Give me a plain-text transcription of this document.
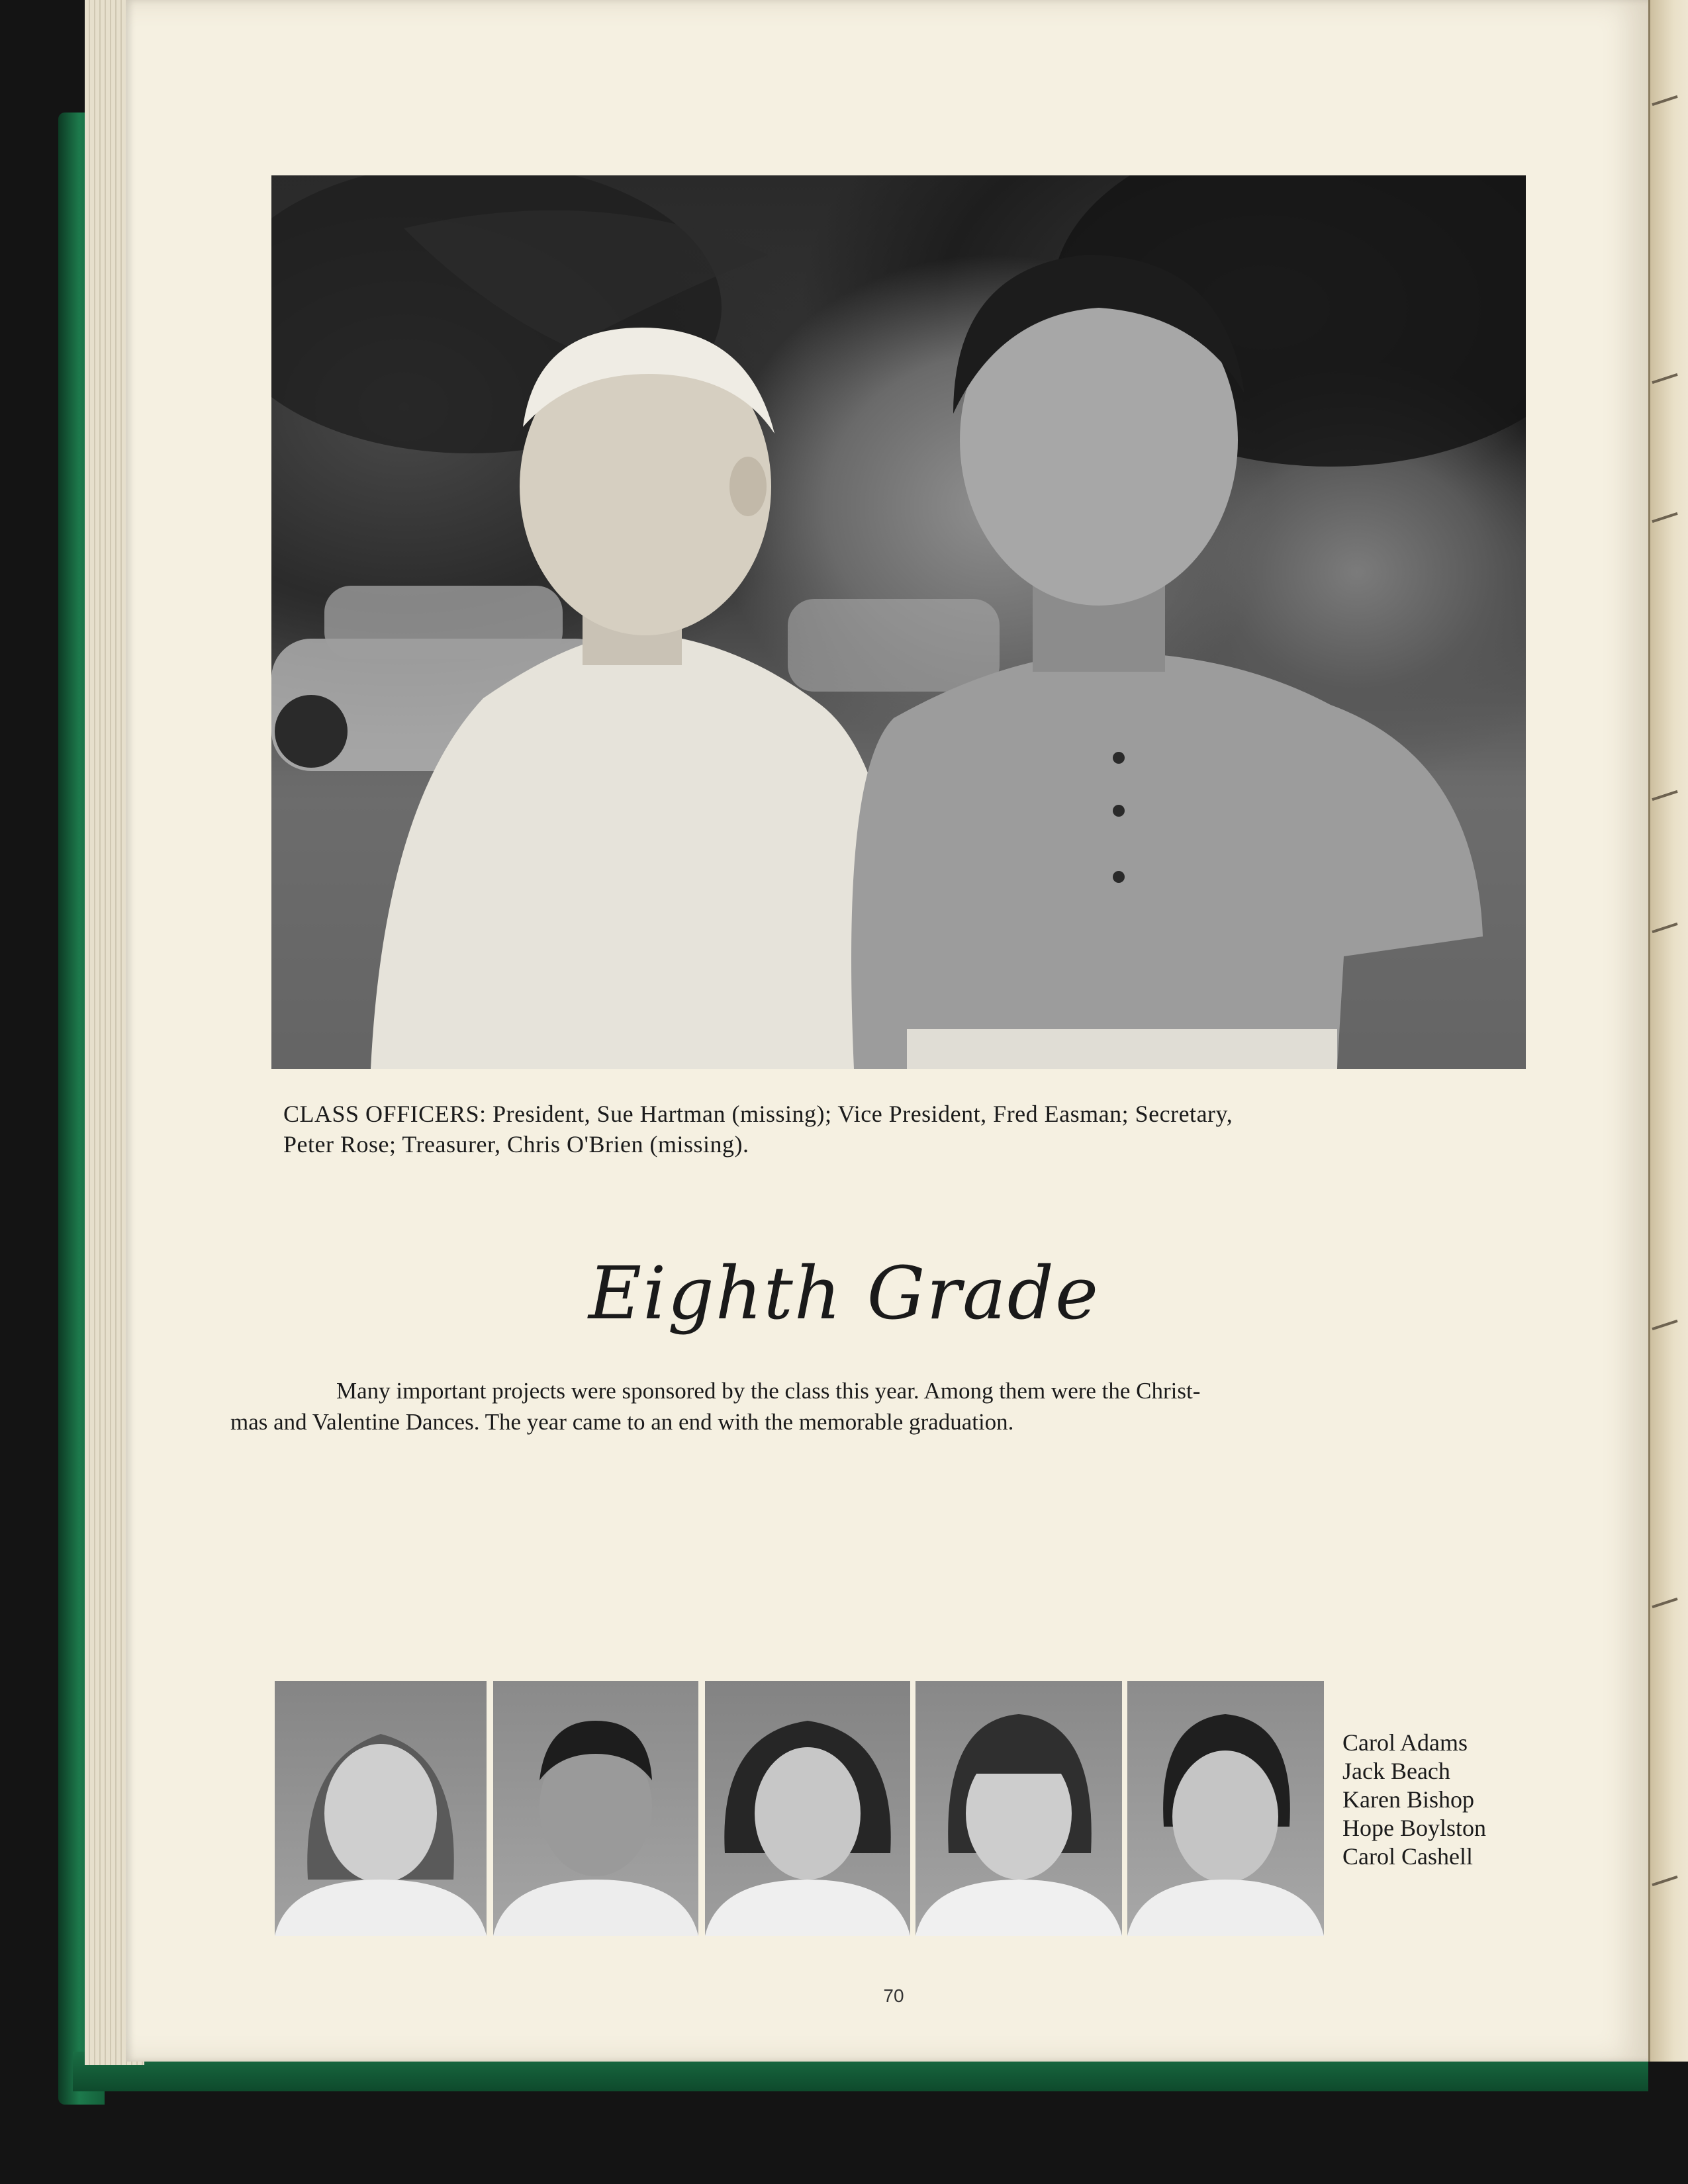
CLASS OFFICERS: President, Sue Hartman (missing); Vice President, Fred Easman; Secretary,
Peter Rose; Treasurer, Chris O'Brien (missing).
Eighth Grade
Many important projects were sponsored by the class this year. Among them were the Christ-
mas and Valentine Dances. The year came to an end with the memorable graduation.
Carol Adams
Jack Beach
Karen Bishop
Hope Boylston
Carol Cashell
70
